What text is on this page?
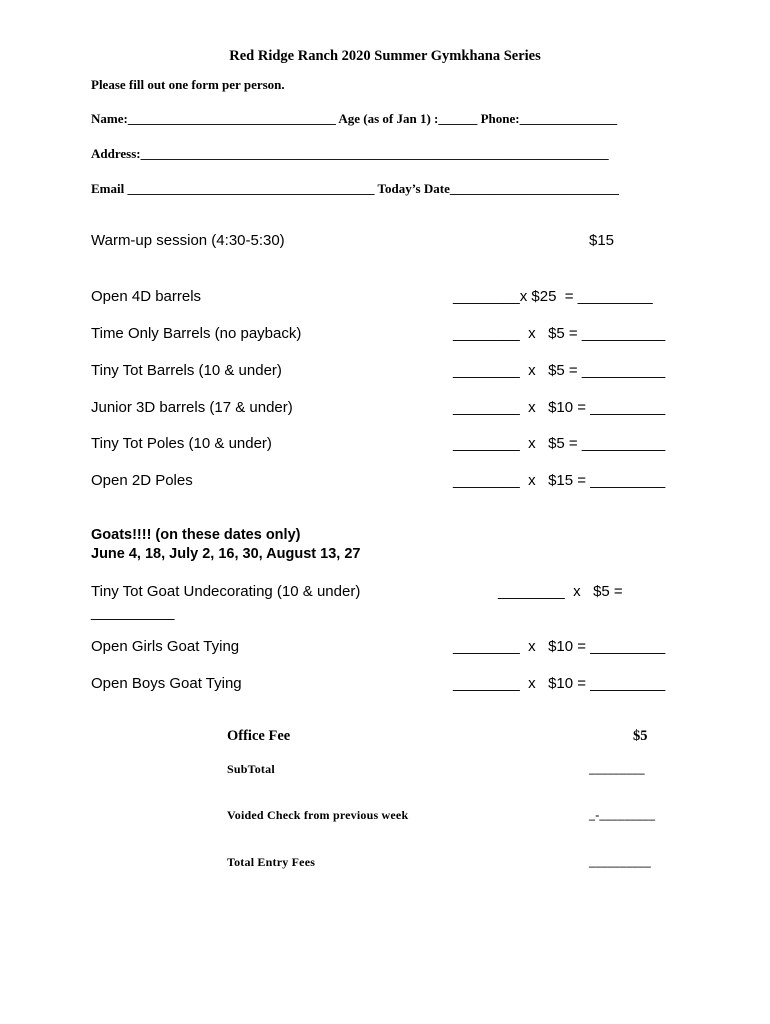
Red Ridge Ranch 2020 Summer Gymkhana Series
Please fill out one form per person.
Name:________________________________ Age (as of Jan 1) :______ Phone:_______________
Address:________________________________________________________________________
Email ______________________________________ Today’s Date__________________________
Warm-up session (4:30-5:30)	$15
Open 4D barrels	________x $25  = _________
Time Only Barrels (no payback)	________  x   $5 = __________
Tiny Tot Barrels (10 & under)	________  x   $5 = __________
Junior 3D barrels (17 & under)	________  x   $10 = _________
Tiny Tot Poles (10 & under)	________  x   $5 = __________
Open 2D Poles	________  x   $15 = _________
Goats!!!! (on these dates only)
June 4, 18, July 2, 16, 30, August 13, 27
Tiny Tot Goat Undecorating (10 & under)	________  x   $5 =
__________
Open Girls Goat Tying	________  x   $10 = _________
Open Boys Goat Tying	________  x   $10 = _________
Office Fee	$5
SubTotal	_________
Voided Check from previous week	_-_________
Total Entry Fees	__________
